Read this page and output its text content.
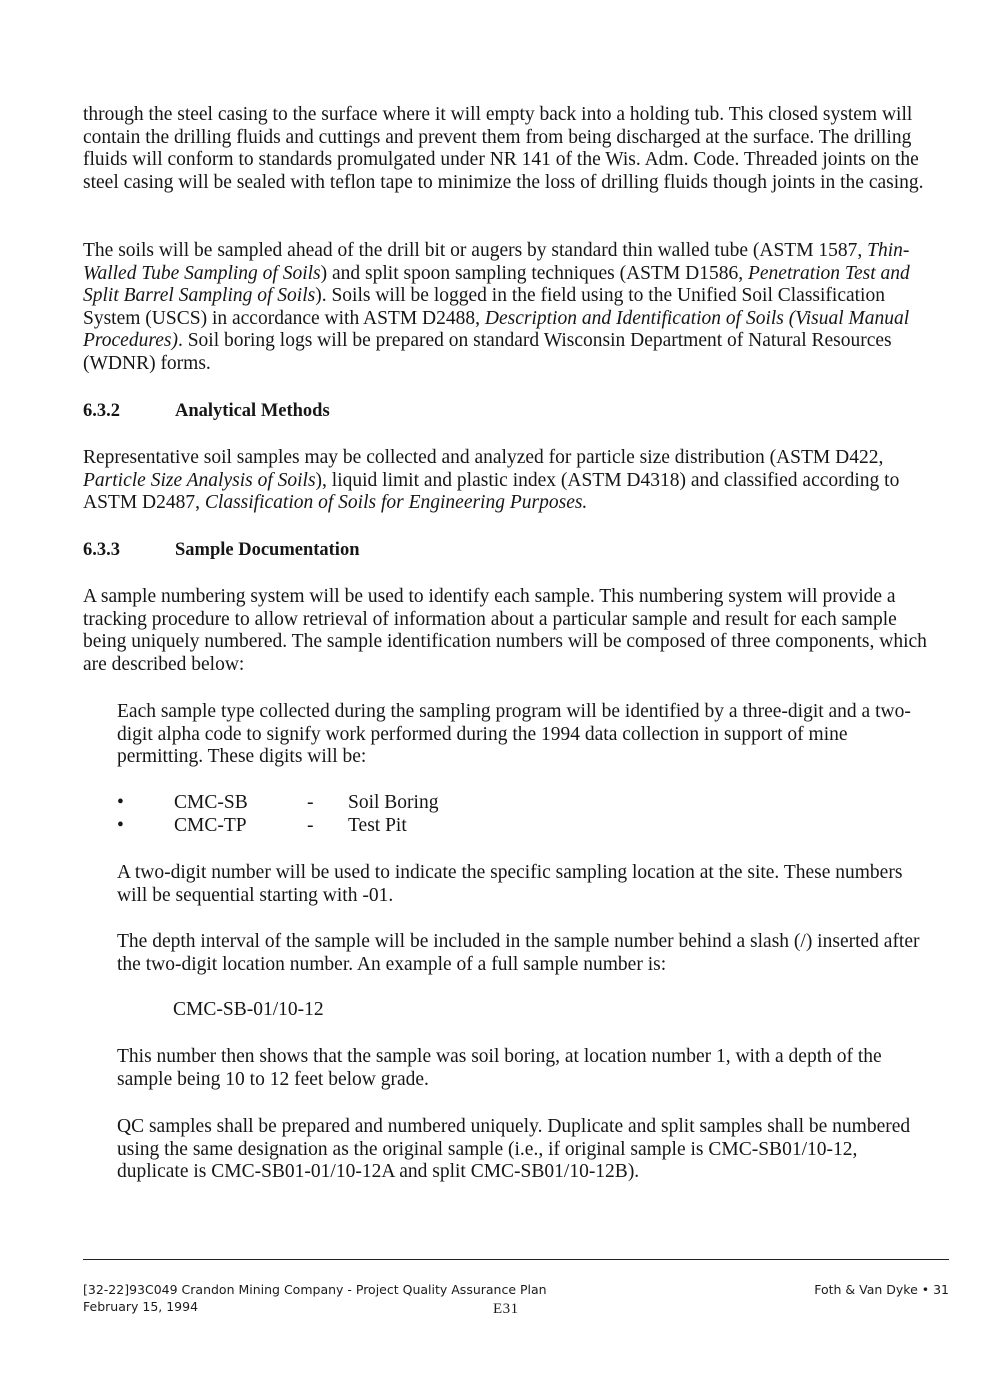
through the steel casing to the surface where it will empty back into a holding tub. This closed system will contain the drilling fluids and cuttings and prevent them from being discharged at the surface. The drilling fluids will conform to standards promulgated under NR 141 of the Wis. Adm. Code. Threaded joints on the steel casing will be sealed with teflon tape to minimize the loss of drilling fluids though joints in the casing.

The soils will be sampled ahead of the drill bit or augers by standard thin walled tube (ASTM 1587, Thin-Walled Tube Sampling of Soils) and split spoon sampling techniques (ASTM D1586, Penetration Test and Split Barrel Sampling of Soils). Soils will be logged in the field using to the Unified Soil Classification System (USCS) in accordance with ASTM D2488, Description and Identification of Soils (Visual Manual Procedures). Soil boring logs will be prepared on standard Wisconsin Department of Natural Resources (WDNR) forms.

6.3.2	Analytical Methods

Representative soil samples may be collected and analyzed for particle size distribution (ASTM D422, Particle Size Analysis of Soils), liquid limit and plastic index (ASTM D4318) and classified according to ASTM D2487, Classification of Soils for Engineering Purposes.

6.3.3	Sample Documentation

A sample numbering system will be used to identify each sample. This numbering system will provide a tracking procedure to allow retrieval of information about a particular sample and result for each sample being uniquely numbered. The sample identification numbers will be composed of three components, which are described below:

Each sample type collected during the sampling program will be identified by a three-digit and a two-digit alpha code to signify work performed during the 1994 data collection in support of mine permitting. These digits will be:

•	CMC-SB	- Soil Boring
•	CMC-TP	- Test Pit

A two-digit number will be used to indicate the specific sampling location at the site. These numbers will be sequential starting with -01.

The depth interval of the sample will be included in the sample number behind a slash (/) inserted after the two-digit location number. An example of a full sample number is:

CMC-SB-01/10-12

This number then shows that the sample was soil boring, at location number 1, with a depth of the sample being 10 to 12 feet below grade.

QC samples shall be prepared and numbered uniquely. Duplicate and split samples shall be numbered using the same designation as the original sample (i.e., if original sample is CMC-SB01/10-12, duplicate is CMC-SB01-01/10-12A and split CMC-SB01/10-12B).

[32-22]93C049 Crandon Mining Company - Project Quality Assurance Plan
February 15, 1994
Foth & Van Dyke • 31
E31
